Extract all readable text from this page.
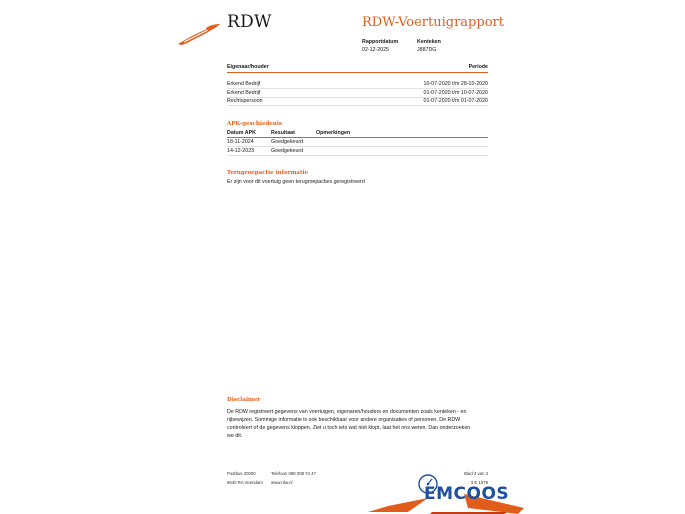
RDW	RDW-Voertuigrapport
Rapportdatum
02-12-2025
Kenteken
J887DG
Eigenaar/houder	Periode
Erkend Bedrijf	10-07-2020 t/m 28-10-2020
Erkend Bedrijf	01-07-2020 t/m 10-07-2020
Rechtspersoon	01-07-2020 t/m 01-07-2020
APK-geschiedenis
Datum APK	Resultaat	Opmerkingen
18-11-2024	Goedgekeurd
14-12-2023	Goedgekeurd
Terugroepactie informatie
Er zijn voor dit voertuig geen terugroepacties geregistreerd
Disclaimer
De RDW registreert gegevens van voertuigen, eigenaren/houders en documenten zoals kenteken - en
rijbewijzen. Sommige informatie is ook beschikbaar voor andere organisaties of personen. De RDW
controleert of de gegevens kloppen. Ziet u toch iets wat niet klopt, laat het ons weten. Dan onderzoeken
we dit.
Postbus 30000
9640 RA Veendam
Telefoon 088 008 74 47
www.rdw.nl
Blad 3 van 3
3 E 1079
EMCOOS
